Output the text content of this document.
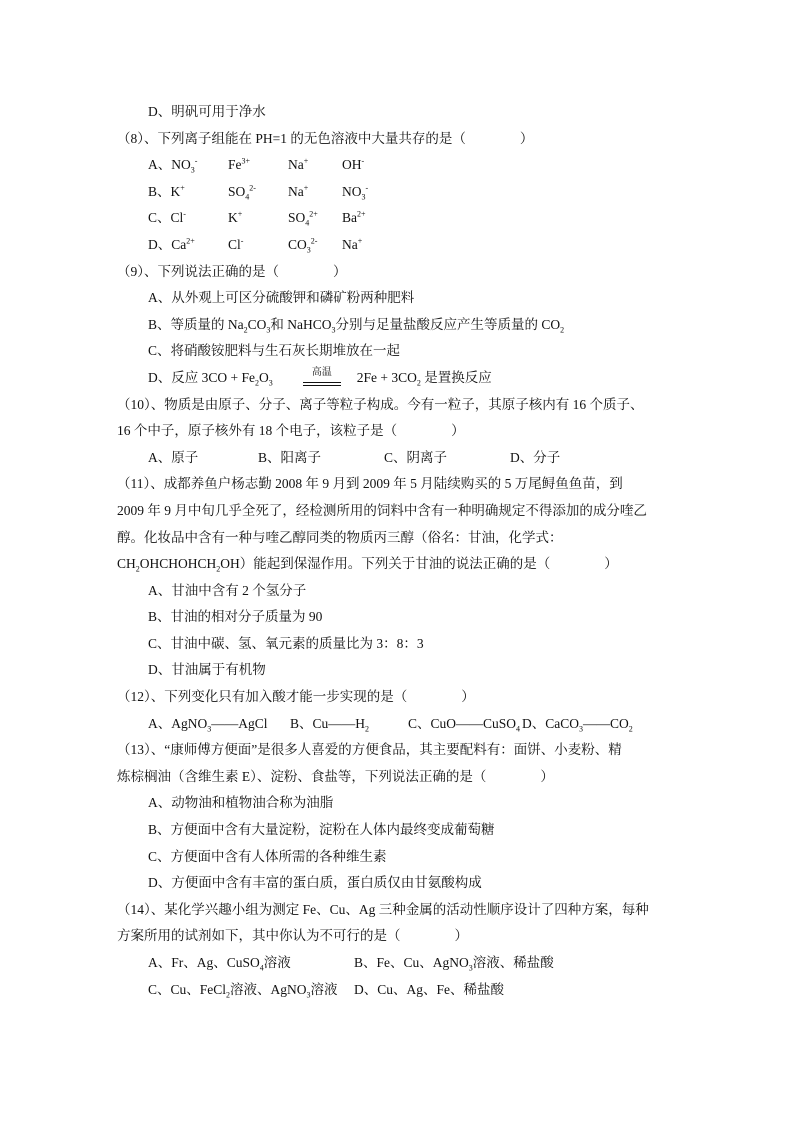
D、明矾可用于净水
（8）、下列离子组能在 PH=1 的无色溶液中大量共存的是（　　　　）
A、$NO_3^-$ $Fe^{3+}$	Na+ OH-
B、K+	$SO_4^{2-}$ Na+ $NO_3^-$
C、Cl-	K+	$SO_4^{2+}$ $Ba^{2+}$
D、$Ca^{2+}$ Cl-	$CO_3^{2-}$ Na+
（9）、下列说法正确的是（　　　　）
A、从外观上可区分硫酸钾和磷矿粉两种肥料
B、等质量的 $Na_2CO_3$和 NaHCO$_3$分别与足量盐酸反应产生等质量的 $CO_2$
C、将硝酸铵肥料与生石灰长期堆放在一起
D、反应 $3CO + Fe_2O_3$高温 $2Fe + 3CO_2$ 是置换反应
（10）、物质是由原子、分子、离子等粒子构成。今有一粒子，其原子核内有 16 个质子、
16 个中子，原子核外有 18 个电子，该粒子是（　　　　）
A、原子	B、阳离子	C、阴离子	D、分子
（11）、成都养鱼户杨志勤 2008 年 9 月到 2009 年 5 月陆续购买的 5 万尾鲟鱼鱼苗，到
2009 年 9 月中旬几乎全死了，经检测所用的饲料中含有一种明确规定不得添加的成分喹乙
醇。化妆品中含有一种与喹乙醇同类的物质丙三醇（俗名：甘油，化学式：
$CH_2OHCHOHCH_2OH$）能起到保湿作用。下列关于甘油的说法正确的是（　　　　）
A、甘油中含有 2 个氢分子
B、甘油的相对分子质量为 90
C、甘油中碳、氢、氧元素的质量比为 3：8：3
D、甘油属于有机物
（12）、下列变化只有加入酸才能一步实现的是（　　　　）
A、AgNO$_3$——AgCl B、$Cu——H_2$	C、CuO——CuSO$_4$ D、$CaCO_3——CO_2$
（13）、“康师傅方便面”是很多人喜爱的方便食品，其主要配料有：面饼、小麦粉、精
炼棕榈油（含维生素 E）、淀粉、食盐等，下列说法正确的是（　　　　）
A、动物油和植物油合称为油脂
B、方便面中含有大量淀粉，淀粉在人体内最终变成葡萄糖
C、方便面中含有人体所需的各种维生素
D、方便面中含有丰富的蛋白质，蛋白质仅由甘氨酸构成
（14）、某化学兴趣小组为测定 Fe、Cu、Ag 三种金属的活动性顺序设计了四种方案，每种
方案所用的试剂如下，其中你认为不可行的是（　　　　）
A、Fr、Ag、CuSO$_4$溶液	B、Fe、Cu、AgNO$_3$溶液、稀盐酸
C、Cu、FeCl$_2$溶液、AgNO$_3$溶液 D、Cu、Ag、Fe、稀盐酸
